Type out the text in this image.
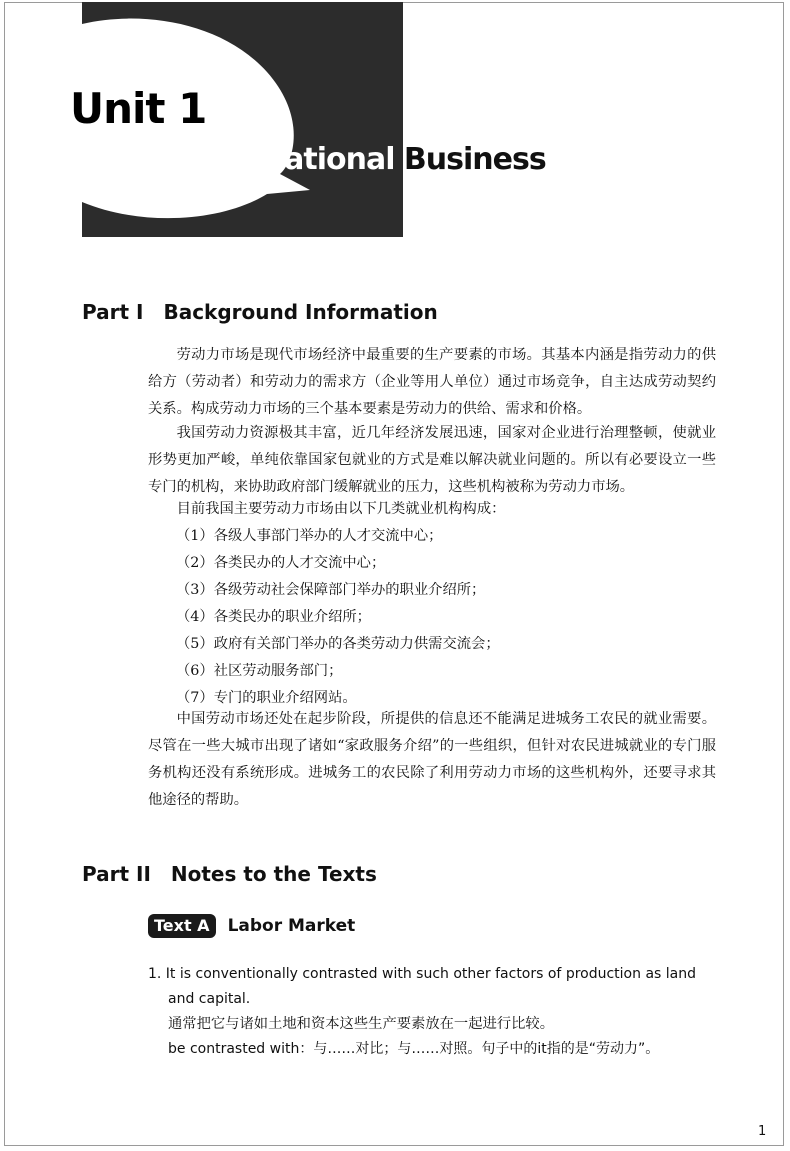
Unit 1
National Business
Part I Background Information

劳动力市场是现代市场经济中最重要的生产要素的市场。其基本内涵是指劳动力的供给方（劳动者）和劳动力的需求方（企业等用人单位）通过市场竞争，自主达成劳动契约关系。构成劳动力市场的三个基本要素是劳动力的供给、需求和价格。

我国劳动力资源极其丰富，近几年经济发展迅速，国家对企业进行治理整顿，使就业形势更加严峻，单纯依靠国家包就业的方式是难以解决就业问题的。所以有必要设立一些专门的机构，来协助政府部门缓解就业的压力，这些机构被称为劳动力市场。

目前我国主要劳动力市场由以下几类就业机构构成：

（1）各级人事部门举办的人才交流中心；
（2）各类民办的人才交流中心；
（3）各级劳动社会保障部门举办的职业介绍所；
（4）各类民办的职业介绍所；
（5）政府有关部门举办的各类劳动力供需交流会；
（6）社区劳动服务部门；
（7）专门的职业介绍网站。

中国劳动市场还处在起步阶段，所提供的信息还不能满足进城务工农民的就业需要。尽管在一些大城市出现了诸如“家政服务介绍”的一些组织，但针对农民进城就业的专门服务机构还没有系统形成。进城务工的农民除了利用劳动力市场的这些机构外，还要寻求其他途径的帮助。

Part II Notes to the Texts
Text A Labor Market
1. It is conventionally contrasted with such other factors of production as land
and capital.
通常把它与诸如土地和资本这些生产要素放在一起进行比较。
be contrasted with：与……对比；与……对照。句子中的it指的是“劳动力”。
1
